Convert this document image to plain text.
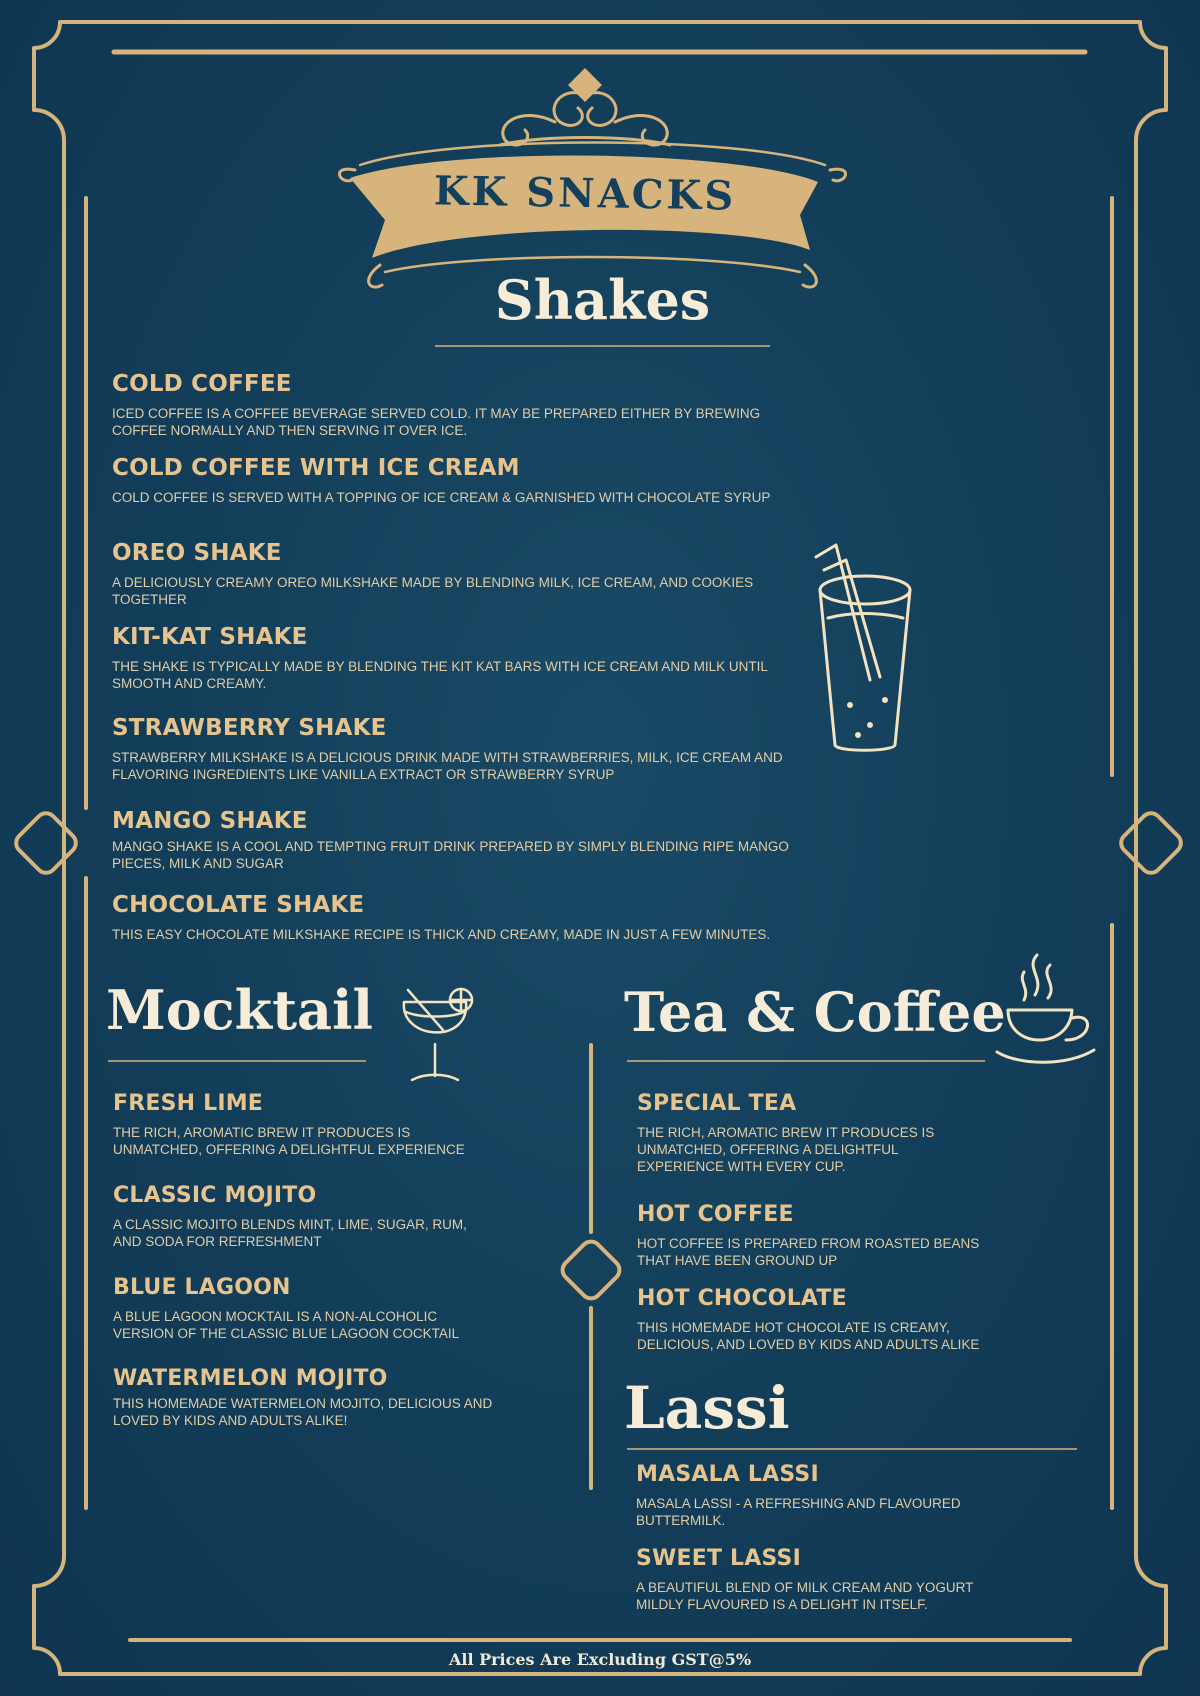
KK SNACKS
Shakes
COLD COFFEE
ICED COFFEE IS A COFFEE BEVERAGE SERVED COLD. IT MAY BE PREPARED EITHER BY BREWING COFFEE NORMALLY AND THEN SERVING IT OVER ICE.
COLD COFFEE WITH ICE CREAM
COLD COFFEE IS SERVED WITH A TOPPING OF ICE CREAM & GARNISHED WITH CHOCOLATE SYRUP
OREO SHAKE
A DELICIOUSLY CREAMY OREO MILKSHAKE MADE BY BLENDING MILK, ICE CREAM, AND COOKIES TOGETHER
KIT-KAT SHAKE
THE SHAKE IS TYPICALLY MADE BY BLENDING THE KIT KAT BARS WITH ICE CREAM AND MILK UNTIL SMOOTH AND CREAMY.
STRAWBERRY SHAKE
STRAWBERRY MILKSHAKE IS A DELICIOUS DRINK MADE WITH STRAWBERRIES, MILK, ICE CREAM AND FLAVORING INGREDIENTS LIKE VANILLA EXTRACT OR STRAWBERRY SYRUP
MANGO SHAKE
MANGO SHAKE IS A COOL AND TEMPTING FRUIT DRINK PREPARED BY SIMPLY BLENDING RIPE MANGO PIECES, MILK AND SUGAR
CHOCOLATE SHAKE
THIS EASY CHOCOLATE MILKSHAKE RECIPE IS THICK AND CREAMY, MADE IN JUST A FEW MINUTES.
Mocktail
FRESH LIME
THE RICH, AROMATIC BREW IT PRODUCES IS UNMATCHED, OFFERING A DELIGHTFUL EXPERIENCE
CLASSIC MOJITO
A CLASSIC MOJITO BLENDS MINT, LIME, SUGAR, RUM, AND SODA FOR REFRESHMENT
BLUE LAGOON
A BLUE LAGOON MOCKTAIL IS A NON-ALCOHOLIC VERSION OF THE CLASSIC BLUE LAGOON COCKTAIL
WATERMELON MOJITO
THIS HOMEMADE WATERMELON MOJITO, DELICIOUS AND LOVED BY KIDS AND ADULTS ALIKE!
Tea & Coffee
SPECIAL TEA
THE RICH, AROMATIC BREW IT PRODUCES IS UNMATCHED, OFFERING A DELIGHTFUL EXPERIENCE WITH EVERY CUP.
HOT COFFEE
HOT COFFEE IS PREPARED FROM ROASTED BEANS THAT HAVE BEEN GROUND UP
HOT CHOCOLATE
THIS HOMEMADE HOT CHOCOLATE IS CREAMY, DELICIOUS, AND LOVED BY KIDS AND ADULTS ALIKE
Lassi
MASALA LASSI
MASALA LASSI - A REFRESHING AND FLAVOURED BUTTERMILK.
SWEET LASSI
A BEAUTIFUL BLEND OF MILK CREAM AND YOGURT MILDLY FLAVOURED IS A DELIGHT IN ITSELF.
All Prices Are Excluding GST@5%
